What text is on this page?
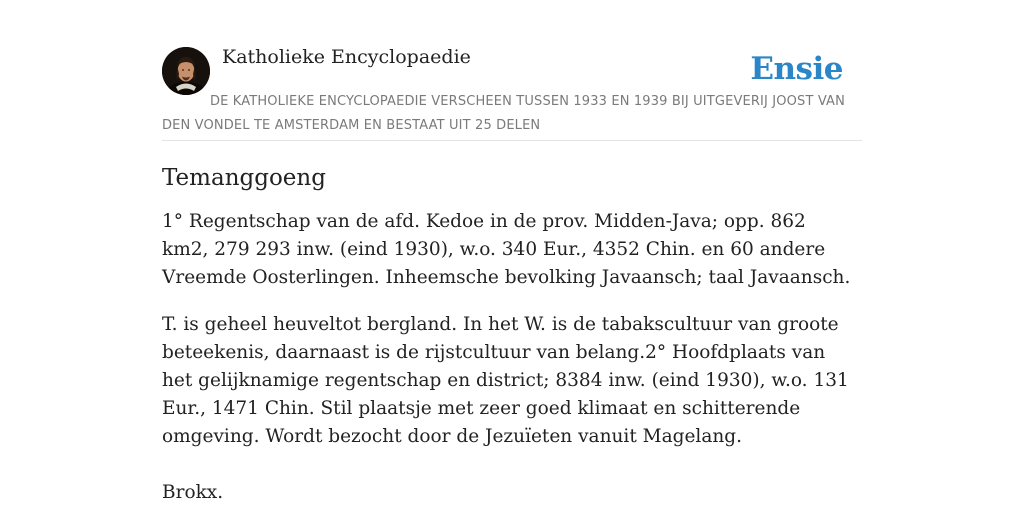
Katholieke Encyclopaedie	Ensie
DE KATHOLIEKE ENCYCLOPAEDIE VERSCHEEN TUSSEN 1933 EN 1939 BIJ UITGEVERIJ JOOST VAN DEN VONDEL TE AMSTERDAM EN BESTAAT UIT 25 DELEN
Temanggoeng

1° Regentschap van de afd. Kedoe in de prov. Midden-Java; opp. 862 km2, 279 293 inw. (eind 1930), w.o. 340 Eur., 4352 Chin. en 60 andere Vreemde Oosterlingen. Inheemsche bevolking Javaansch; taal Javaansch.

T. is geheel heuveltot bergland. In het W. is de tabakscultuur van groote beteekenis, daarnaast is de rijstcultuur van belang.2° Hoofdplaats van het gelijknamige regentschap en district; 8384 inw. (eind 1930), w.o. 131 Eur., 1471 Chin. Stil plaatsje met zeer goed klimaat en schitterende omgeving. Wordt bezocht door de Jezuïeten vanuit Magelang.

Brokx.
